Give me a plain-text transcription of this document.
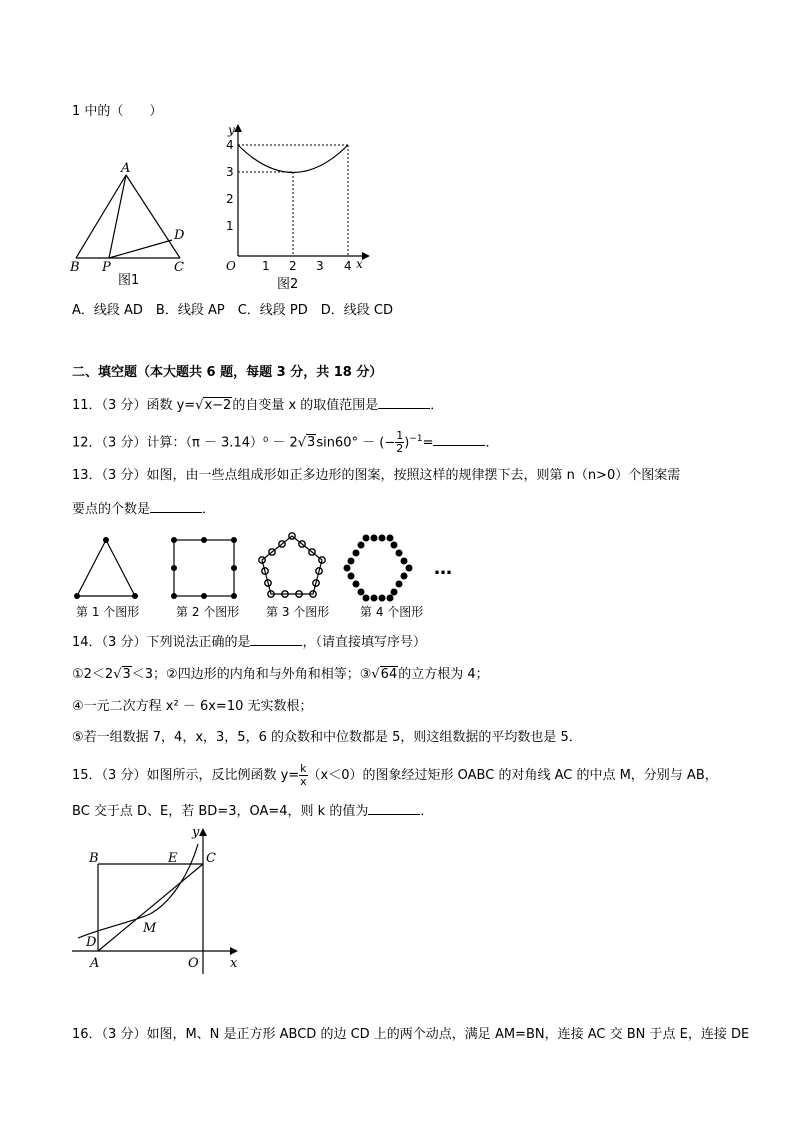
1 中的（　　）
A
B P	C
D
图1
y
4
3
2
1
O 1 2 3 4 x
图2
A．线段 AD　B．线段 AP　C．线段 PD　D．线段 CD
二、填空题（本大题共 6 题，每题 3 分，共 18 分）
11．（3 分）函数 y=√x−2的自变量 x 的取值范围是	．
12．（3 分）计算：（π － 3.14）⁰ － 2√3sin60° － (− $\frac{1}{2} )^{-1}=$	．
13．（3 分）如图，由一些点组成形如正多边形的图案，按照这样的规律摆下去，则第 n（n>0）个图案需
要点的个数是	．
…
第 1 个图形	第 2 个图形 第 3 个图形	第 4 个图形
14．（3 分）下列说法正确的是	，（请直接填写序号）
①2＜2√3＜3；②四边形的内角和与外角和相等；③√64的立方根为 4；
④一元二次方程 x² － 6x=10 无实数根；
⑤若一组数据 7，4，x，3，5，6 的众数和中位数都是 5，则这组数据的平均数也是 5．
15．（3 分）如图所示，反比例函数 $y= \frac{k}{x} (x<0)$的图象经过矩形 OABC 的对角线 AC 的中点 M，分别与 AB，
BC 交于点 D、E，若 BD=3，OA=4，则 k 的值为	．
y
B	E C
M
D
A	O x
16．（3 分）如图，M、N 是正方形 ABCD 的边 CD 上的两个动点，满足 AM=BN，连接 AC 交 BN 于点 E，连接 DE
